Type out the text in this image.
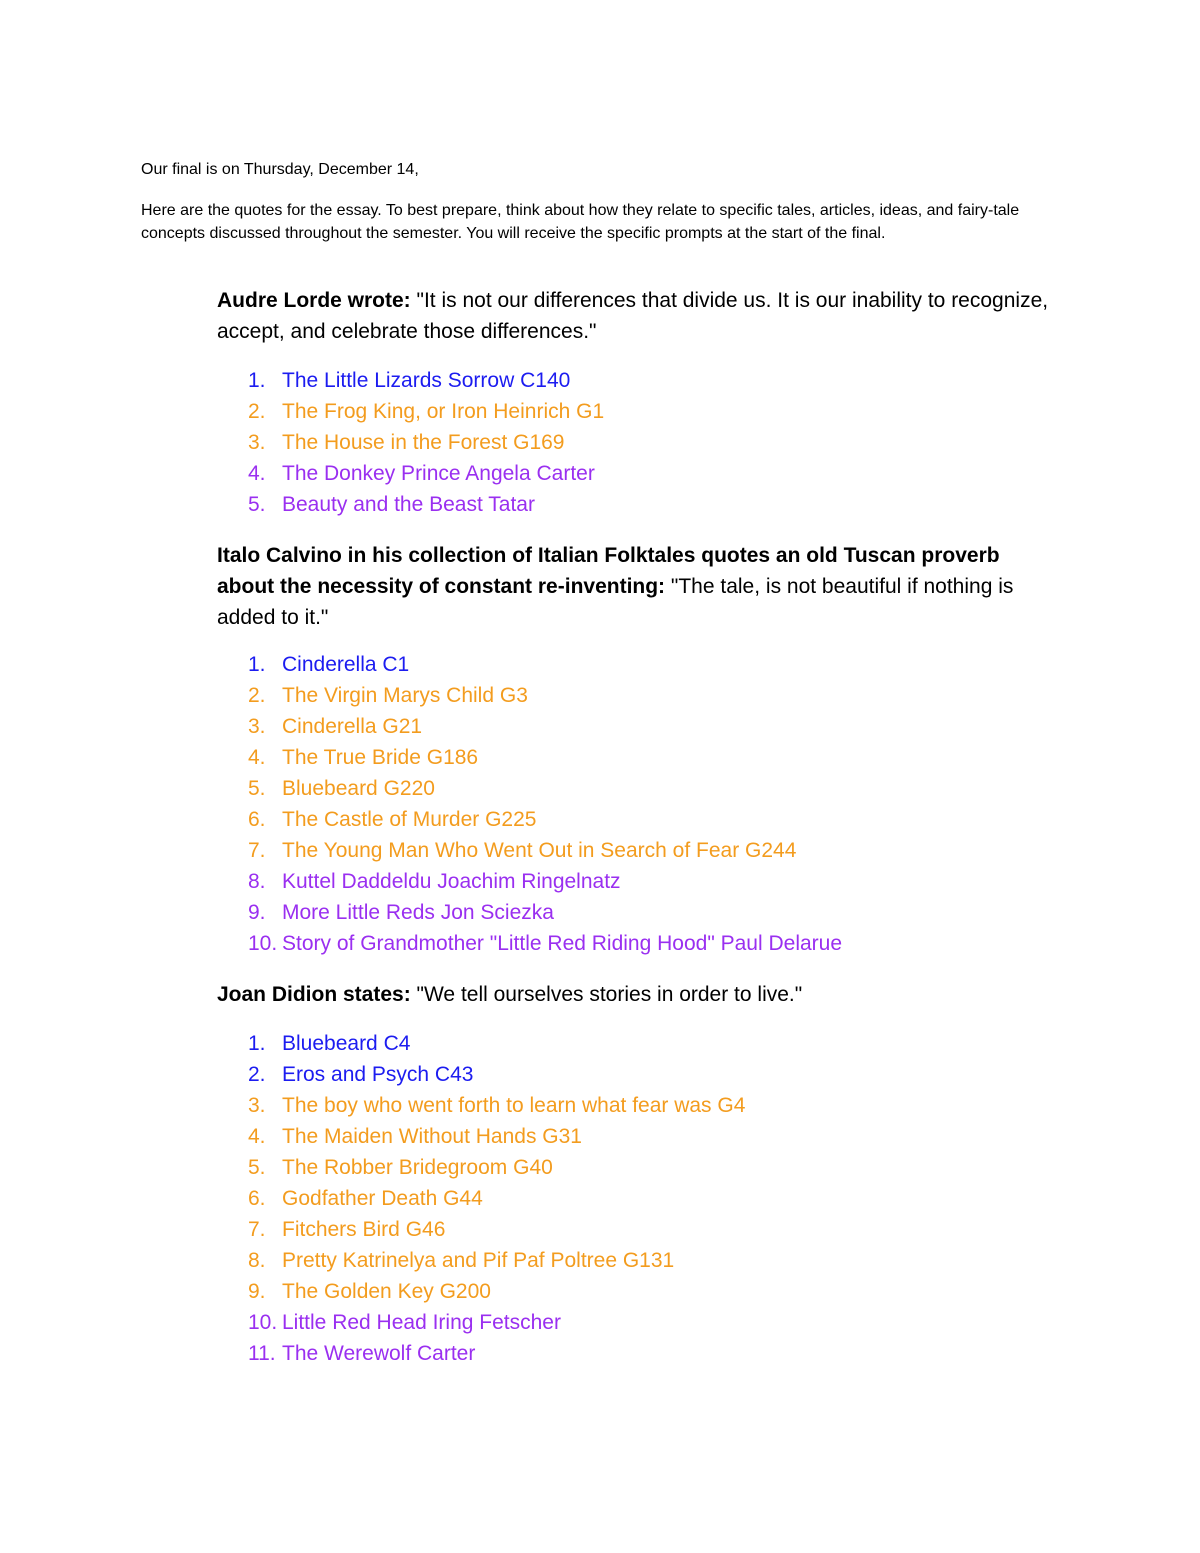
Our final is on Thursday, December 14,

Here are the quotes for the essay. To best prepare, think about how they relate to specific tales, articles, ideas, and fairy-tale concepts discussed throughout the semester. You will receive the specific prompts at the start of the final.

Audre Lorde wrote: "It is not our differences that divide us. It is our inability to recognize, accept, and celebrate those differences."

1. The Little Lizards Sorrow C140
2. The Frog King, or Iron Heinrich G1
3. The House in the Forest G169
4. The Donkey Prince Angela Carter
5. Beauty and the Beast Tatar

Italo Calvino in his collection of Italian Folktales quotes an old Tuscan proverb about the necessity of constant re-inventing: "The tale, is not beautiful if nothing is added to it."

1. Cinderella C1
2. The Virgin Marys Child G3
3. Cinderella G21
4. The True Bride G186
5. Bluebeard G220
6. The Castle of Murder G225
7. The Young Man Who Went Out in Search of Fear G244
8. Kuttel Daddeldu Joachim Ringelnatz
9. More Little Reds Jon Sciezka
10. Story of Grandmother "Little Red Riding Hood" Paul Delarue

Joan Didion states: "We tell ourselves stories in order to live."

1. Bluebeard C4
2. Eros and Psych C43
3. The boy who went forth to learn what fear was G4
4. The Maiden Without Hands G31
5. The Robber Bridegroom G40
6. Godfather Death G44
7. Fitchers Bird G46
8. Pretty Katrinelya and Pif Paf Poltree G131
9. The Golden Key G200
10. Little Red Head Iring Fetscher
11. The Werewolf Carter
